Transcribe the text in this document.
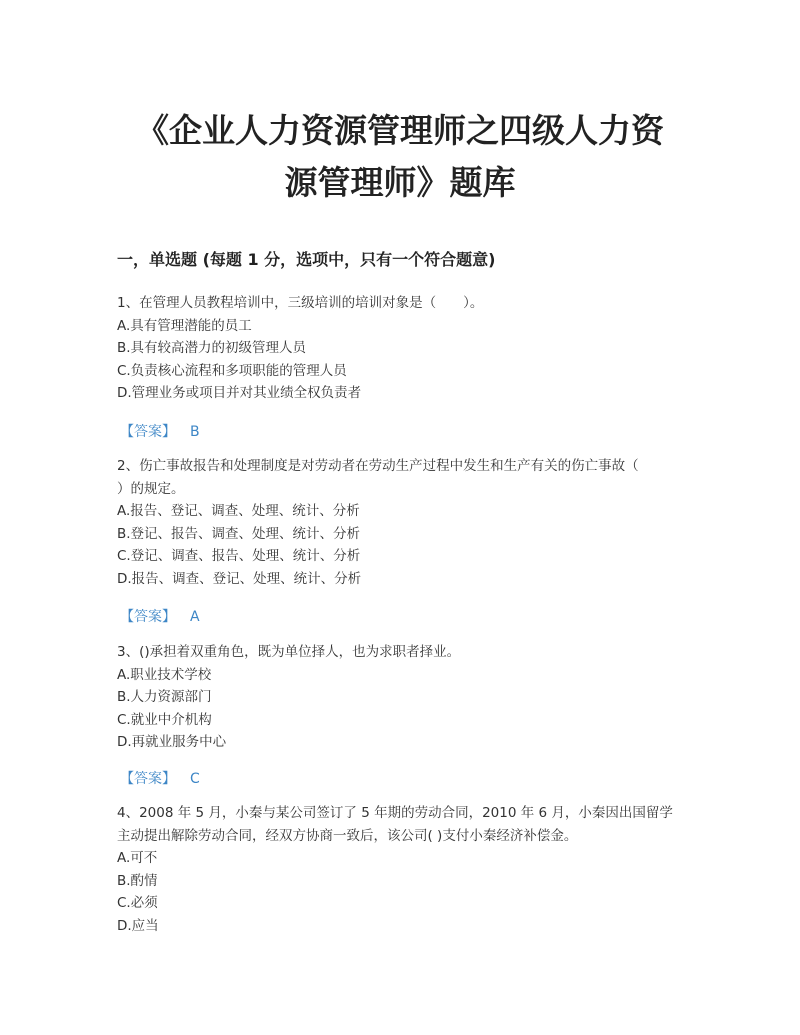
《企业人力资源管理师之四级人力资
源管理师》题库
一，单选题 (每题 1 分，选项中，只有一个符合题意)

1、在管理人员教程培训中，三级培训的培训对象是（　　）。

A.具有管理潜能的员工

B.具有较高潜力的初级管理人员

C.负责核心流程和多项职能的管理人员

D.管理业务或项目并对其业绩全权负责者

【答案】 B

2、伤亡事故报告和处理制度是对劳动者在劳动生产过程中发生和生产有关的伤亡事故（

）的规定。

A.报告、登记、调查、处理、统计、分析

B.登记、报告、调查、处理、统计、分析

C.登记、调查、报告、处理、统计、分析

D.报告、调查、登记、处理、统计、分析

【答案】 A

3、()承担着双重角色，既为单位择人，也为求职者择业。

A.职业技术学校

B.人力资源部门

C.就业中介机构

D.再就业服务中心

【答案】 C

4、2008 年 5 月，小秦与某公司签订了 5 年期的劳动合同，2010 年 6 月，小秦因出国留学

主动提出解除劳动合同，经双方协商一致后，该公司( )支付小秦经济补偿金。

A.可不

B.酌情

C.必须

D.应当
